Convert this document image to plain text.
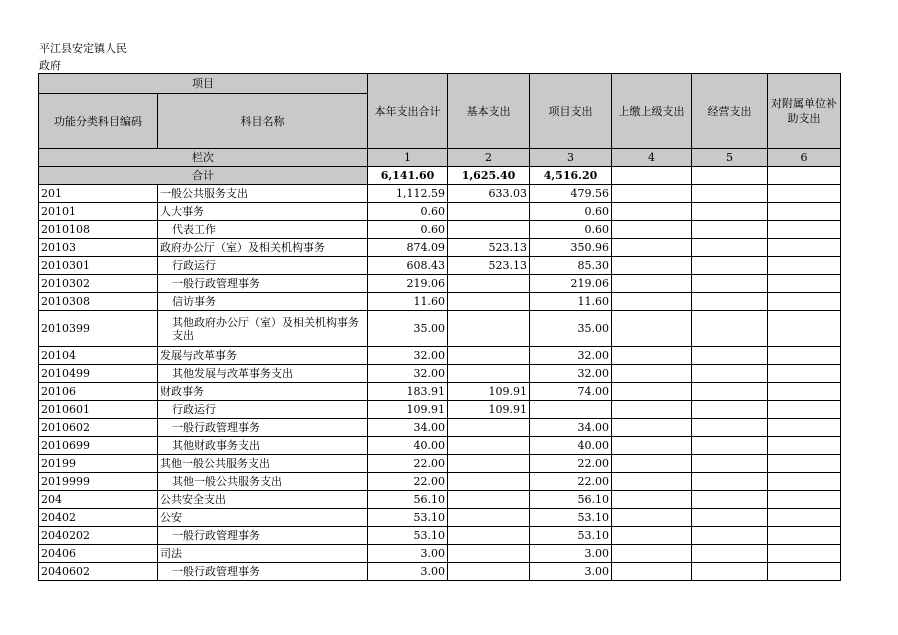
平江县安定镇人民
政府
项目		本年支出合计	基本支出	项目支出	上缴上级支出	经营支出	对附属单位补助支出
功能分类科目编码	科目名称						
栏次		1	2	3	4	5	6
合计		6,141.60	1,625.40	4,516.20			
201	一般公共服务支出	1,112.59	633.03	479.56			
20101	人大事务	0.60		0.60			
2010108	代表工作	0.60		0.60			
20103	政府办公厅（室）及相关机构事务	874.09	523.13	350.96			
2010301	行政运行	608.43	523.13	85.30			
2010302	一般行政管理事务	219.06		219.06			
2010308	信访事务	11.60		11.60			
2010399	其他政府办公厅（室）及相关机构事务支出	35.00		35.00			
20104	发展与改革事务	32.00		32.00			
2010499	其他发展与改革事务支出	32.00		32.00			
20106	财政事务	183.91	109.91	74.00			
2010601	行政运行	109.91	109.91				
2010602	一般行政管理事务	34.00		34.00			
2010699	其他财政事务支出	40.00		40.00			
20199	其他一般公共服务支出	22.00		22.00			
2019999	其他一般公共服务支出	22.00		22.00			
204	公共安全支出	56.10		56.10			
20402	公安	53.10		53.10			
2040202	一般行政管理事务	53.10		53.10			
20406	司法	3.00		3.00			
2040602	一般行政管理事务	3.00		3.00			
